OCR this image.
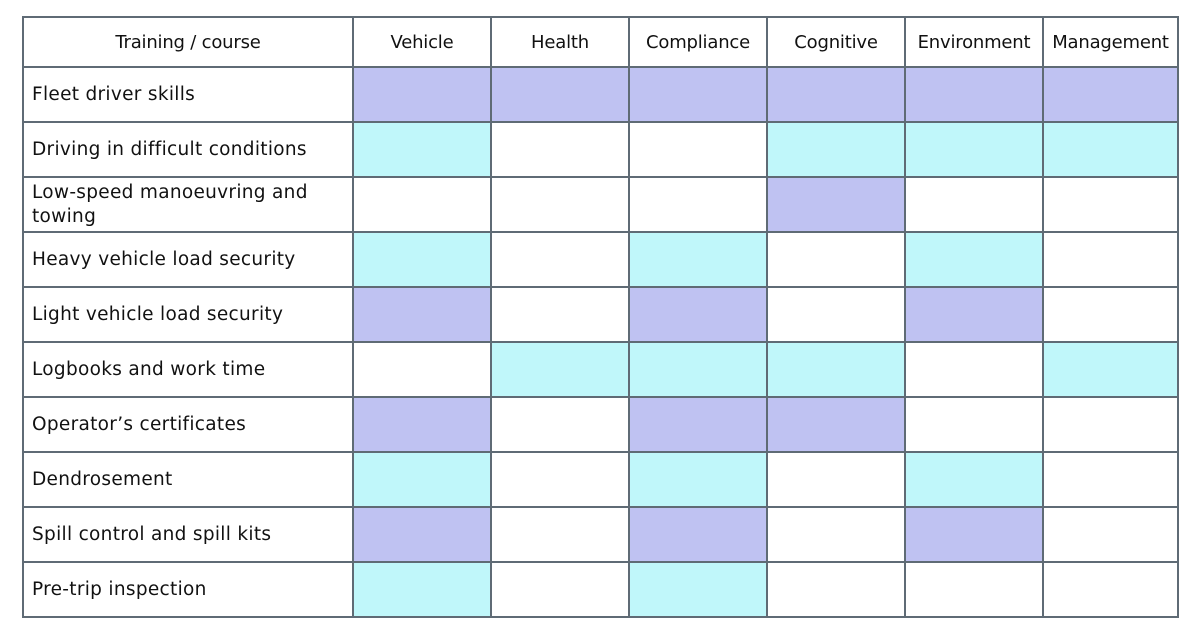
Training / course	Vehicle	Health	Compliance	Cognitive	Environment	Management
Fleet driver skills						
Driving in difficult conditions						
Low-speed manoeuvring and towing						
Heavy vehicle load security						
Light vehicle load security						
Logbooks and work time						
Operator’s certificates						
Dendrosement						
Spill control and spill kits						
Pre-trip inspection						
